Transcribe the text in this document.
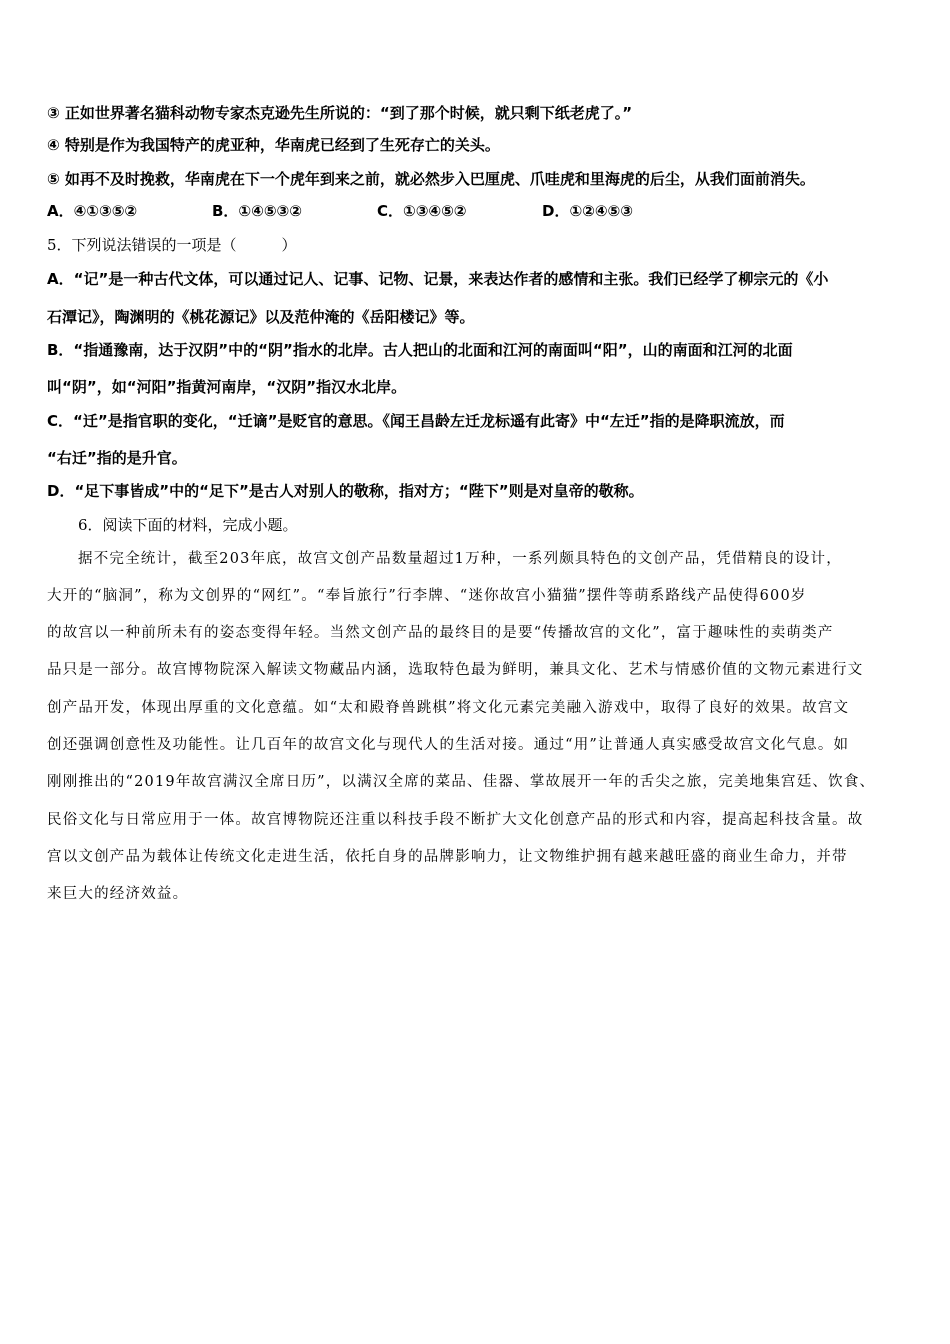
③ 正如世界著名猫科动物专家杰克逊先生所说的：“到了那个时候，就只剩下纸老虎了。”
④ 特别是作为我国特产的虎亚种，华南虎已经到了生死存亡的关头。
⑤ 如再不及时挽救，华南虎在下一个虎年到来之前，就必然步入巴厘虎、爪哇虎和里海虎的后尘，从我们面前消失。
A．④①③⑤②	B．①④⑤③②	C．①③④⑤②	D．①②④⑤③
5．下列说法错误的一项是（　　　）
A．“记”是一种古代文体，可以通过记人、记事、记物、记景，来表达作者的感情和主张。我们已经学了柳宗元的《小
石潭记》，陶渊明的《桃花源记》以及范仲淹的《岳阳楼记》等。
B．“指通豫南，达于汉阴”中的“阴”指水的北岸。古人把山的北面和江河的南面叫“阳”，山的南面和江河的北面
叫“阴”，如“河阳”指黄河南岸，“汉阴”指汉水北岸。
C．“迁”是指官职的变化，“迁谪”是贬官的意思。《闻王昌龄左迁龙标遥有此寄》中“左迁”指的是降职流放，而
“右迁”指的是升官。
D．“足下事皆成”中的“足下”是古人对别人的敬称，指对方；“陛下”则是对皇帝的敬称。
6．阅读下面的材料，完成小题。
据不完全统计，截至203年底，故宫文创产品数量超过1万种，一系列颇具特色的文创产品，凭借精良的设计，
大开的“脑洞”，称为文创界的“网红”。“奉旨旅行”行李牌、“迷你故宫小猫猫”摆件等萌系路线产品使得600岁
的故宫以一种前所未有的姿态变得年轻。当然文创产品的最终目的是要“传播故宫的文化”，富于趣味性的卖萌类产
品只是一部分。故宫博物院深入解读文物藏品内涵，选取特色最为鲜明，兼具文化、艺术与情感价值的文物元素进行文
创产品开发，体现出厚重的文化意蕴。如“太和殿脊兽跳棋”将文化元素完美融入游戏中，取得了良好的效果。故宫文
创还强调创意性及功能性。让几百年的故宫文化与现代人的生活对接。通过“用”让普通人真实感受故宫文化气息。如
刚刚推出的“2019年故宫满汉全席日历”，以满汉全席的菜品、佳器、掌故展开一年的舌尖之旅，完美地集宫廷、饮食、
民俗文化与日常应用于一体。故宫博物院还注重以科技手段不断扩大文化创意产品的形式和内容，提高起科技含量。故
宫以文创产品为载体让传统文化走进生活，依托自身的品牌影响力，让文物维护拥有越来越旺盛的商业生命力，并带
来巨大的经济效益。
